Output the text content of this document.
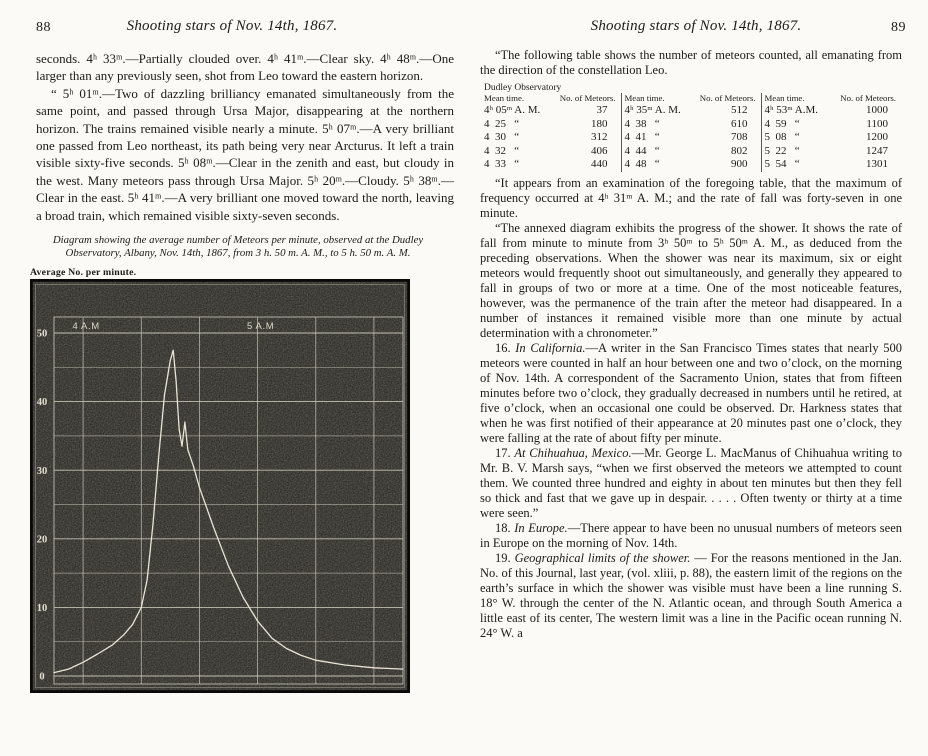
88	Shooting stars of Nov. 14th, 1867.

seconds. 4ʰ 33ᵐ.—Partially clouded over. 4ʰ 41ᵐ.—Clear sky. 4ʰ 48ᵐ.—One larger than any previously seen, shot from Leo toward the eastern horizon.

“ 5ʰ 01ᵐ.—Two of dazzling brilliancy emanated simultaneously from the same point, and passed through Ursa Major, disappearing at the northern horizon. The trains remained visible nearly a minute. 5ʰ 07ᵐ.—A very brilliant one passed from Leo northeast, its path being very near Arcturus. It left a train visible sixty-five seconds. 5ʰ 08ᵐ.—Clear in the zenith and east, but cloudy in the west. Many meteors pass through Ursa Major. 5ʰ 20ᵐ.—Cloudy. 5ʰ 38ᵐ.—Clear in the east. 5ʰ 41ᵐ.—A very brilliant one moved toward the north, leaving a broad train, which remained visible sixty-seven seconds.

Diagram showing the average number of Meteors per minute, observed at the Dudley Observatory, Albany, Nov. 14th, 1867, from 3 h. 50 m. A. M., to 5 h. 50 m. A. M.
Average No. per minute.
0
10
20
30
40
50
4 A.M	5 A.M
Shooting stars of Nov. 14th, 1867.	89

“The following table shows the number of meteors counted, all emanating from the direction of the constellation Leo.

Dudley Observatory

Mean time.	No. of Meteors.	Mean time.	No. of Meteors.	Mean time.	No. of Meteors.
4ʰ 05ᵐ A. M.	37	4ʰ 35ᵐ A. M.	512	4ʰ 53ᵐ A.M.	1000
4  25   “	180	4  38   “	610	4  59   “	1100
4  30   “	312	4  41   “	708	5  08   “	1200
4  32   “	406	4  44   “	802	5  22   “	1247
4  33   “	440	4  48   “	900	5  54   “	1301

“It appears from an examination of the foregoing table, that the maximum of frequency occurred at 4ʰ 31ᵐ A. M.; and the rate of fall was forty-seven in one minute.

“The annexed diagram exhibits the progress of the shower. It shows the rate of fall from minute to minute from 3ʰ 50ᵐ to 5ʰ 50ᵐ A. M., as deduced from the preceding observations. When the shower was near its maximum, six or eight meteors would frequently shoot out simultaneously, and generally they appeared to fall in groups of two or more at a time. One of the most noticeable features, however, was the permanence of the train after the meteor had disappeared. In a number of instances it remained visible more than one minute by actual determination with a chronometer.”

16. In California.—A writer in the San Francisco Times states that nearly 500 meteors were counted in half an hour between one and two o’clock, on the morning of Nov. 14th. A correspondent of the Sacramento Union, states that from fifteen minutes before two o’clock, they gradually decreased in numbers until he retired, at five o’clock, when an occasional one could be observed. Dr. Harkness states that when he was first notified of their appearance at 20 minutes past one o’clock, they were falling at the rate of about fifty per minute.

17. At Chihuahua, Mexico.—Mr. George L. MacManus of Chihuahua writing to Mr. B. V. Marsh says, “when we first observed the meteors we attempted to count them. We counted three hundred and eighty in about ten minutes but then they fell so thick and fast that we gave up in despair. . . . . Often twenty or thirty at a time were seen.”

18. In Europe.—There appear to have been no unusual numbers of meteors seen in Europe on the morning of Nov. 14th.

19. Geographical limits of the shower. — For the reasons mentioned in the Jan. No. of this Journal, last year, (vol. xliii, p. 88), the eastern limit of the regions on the earth’s surface in which the shower was visible must have been a line running S. 18° W. through the center of the N. Atlantic ocean, and through South America a little east of its center, The western limit was a line in the Pacific ocean running N. 24° W. a
